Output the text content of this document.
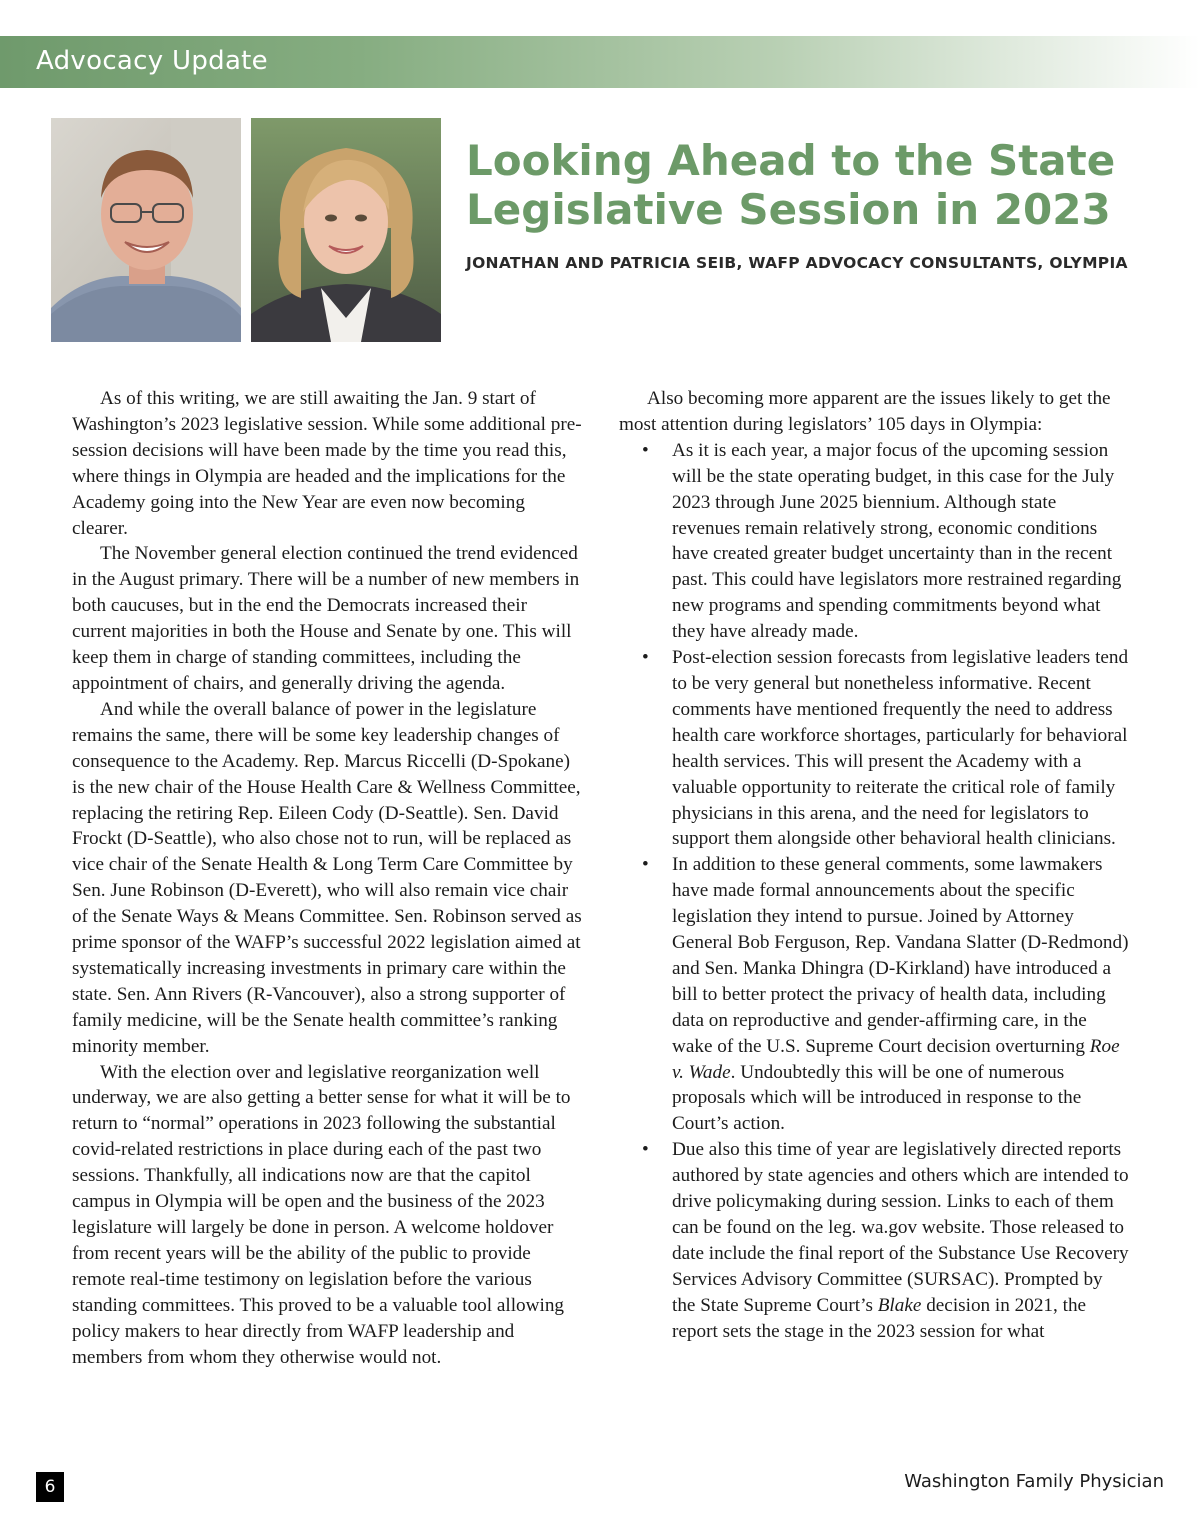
Advocacy Update
Looking Ahead to the State
Legislative Session in 2023
JONATHAN AND PATRICIA SEIB, WAFP ADVOCACY CONSULTANTS, OLYMPIA

As of this writing, we are still awaiting the Jan. 9 start of Washington’s 2023 legislative session. While some additional pre-session decisions will have been made by the time you read this, where things in Olympia are headed and the implications for the Academy going into the New Year are even now becoming clearer.

The November general election continued the trend evidenced in the August primary. There will be a number of new members in both caucuses, but in the end the Democrats increased their current majorities in both the House and Senate by one. This will keep them in charge of standing committees, including the appointment of chairs, and generally driving the agenda.

And while the overall balance of power in the legislature remains the same, there will be some key leadership changes of consequence to the Academy. Rep. Marcus Riccelli (D-Spokane) is the new chair of the House Health Care & Wellness Committee, replacing the retiring Rep. Eileen Cody (D-Seattle). Sen. David Frockt (D-Seattle), who also chose not to run, will be replaced as vice chair of the Senate Health & Long Term Care Committee by Sen. June Robinson (D-Everett), who will also remain vice chair of the Senate Ways & Means Committee. Sen. Robinson served as prime sponsor of the WAFP’s successful 2022 legislation aimed at systematically increasing investments in primary care within the state. Sen. Ann Rivers (R-Vancouver), also a strong supporter of family medicine, will be the Senate health committee’s ranking minority member.

With the election over and legislative reorganization well underway, we are also getting a better sense for what it will be to return to “normal” operations in 2023 following the substantial covid-related restrictions in place during each of the past two sessions. Thankfully, all indications now are that the capitol campus in Olympia will be open and the business of the 2023 legislature will largely be done in person. A welcome holdover from recent years will be the ability of the public to provide remote real-time testimony on legislation before the various standing committees. This proved to be a valuable tool allowing policy makers to hear directly from WAFP leadership and members from whom they otherwise would not.

Also becoming more apparent are the issues likely to get the most attention during legislators’ 105 days in Olympia:

• As it is each year, a major focus of the upcoming session will be the state operating budget, in this case for the July 2023 through June 2025 biennium. Although state revenues remain relatively strong, economic conditions have created greater budget uncertainty than in the recent past. This could have legislators more restrained regarding new programs and spending commitments beyond what they have already made.
• Post-election session forecasts from legislative leaders tend to be very general but nonetheless informative. Recent comments have mentioned frequently the need to address health care workforce shortages, particularly for behavioral health services. This will present the Academy with a valuable opportunity to reiterate the critical role of family physicians in this arena, and the need for legislators to support them alongside other behavioral health clinicians.
• In addition to these general comments, some lawmakers have made formal announcements about the specific legislation they intend to pursue. Joined by Attorney General Bob Ferguson, Rep. Vandana Slatter (D-Redmond) and Sen. Manka Dhingra (D-Kirkland) have introduced a bill to better protect the privacy of health data, including data on reproductive and gender-affirming care, in the wake of the U.S. Supreme Court decision overturning Roe v. Wade. Undoubtedly this will be one of numerous proposals which will be introduced in response to the Court’s action.
• Due also this time of year are legislatively directed reports authored by state agencies and others which are intended to drive policymaking during session. Links to each of them can be found on the leg. wa.gov website. Those released to date include the final report of the Substance Use Recovery Services Advisory Committee (SURSAC). Prompted by the State Supreme Court’s Blake decision in 2021, the report sets the stage in the 2023 session for what
6	Washington Family Physician
